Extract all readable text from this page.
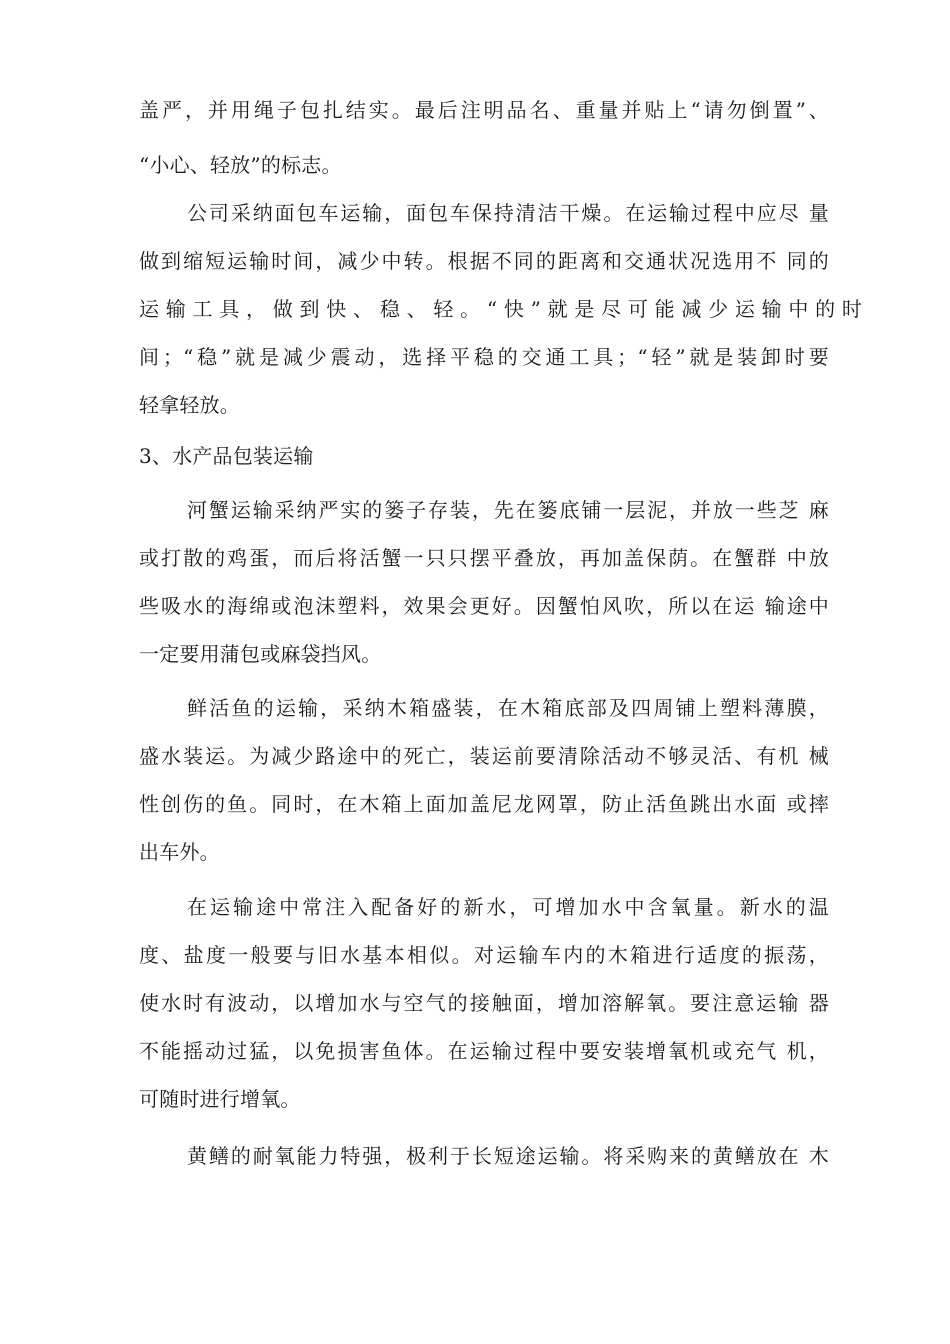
盖严，并用绳子包扎结实。最后注明品名、重量并贴上“请勿倒置”、
“小心、轻放”的标志。
公司采纳面包车运输，面包车保持清洁干燥。在运输过程中应尽 量
做到缩短运输时间，减少中转。根据不同的距离和交通状况选用不 同的
运 输 工 具 ， 做 到 快 、 稳 、 轻 。 “ 快 ” 就 是 尽 可 能 减 少 运 输 中 的 时
间；“稳”就是减少震动，选择平稳的交通工具；“轻”就是装卸时要
轻拿轻放。
3、水产品包装运输
河蟹运输采纳严实的篓子存装，先在篓底铺一层泥，并放一些芝 麻
或打散的鸡蛋，而后将活蟹一只只摆平叠放，再加盖保荫。在蟹群 中放
些吸水的海绵或泡沫塑料，效果会更好。因蟹怕风吹，所以在运 输途中
一定要用蒲包或麻袋挡风。
鲜活鱼的运输，采纳木箱盛装，在木箱底部及四周铺上塑料薄膜，
盛水装运。为减少路途中的死亡，装运前要清除活动不够灵活、有机 械
性创伤的鱼。同时，在木箱上面加盖尼龙网罩，防止活鱼跳出水面 或摔
出车外。
在运输途中常注入配备好的新水，可增加水中含氧量。新水的温
度、盐度一般要与旧水基本相似。对运输车内的木箱进行适度的振荡，
使水时有波动，以增加水与空气的接触面，增加溶解氧。要注意运输 器
不能摇动过猛，以免损害鱼体。在运输过程中要安装增氧机或充气 机，
可随时进行增氧。
黄鳝的耐氧能力特强，极利于长短途运输。将采购来的黄鳝放在 木
